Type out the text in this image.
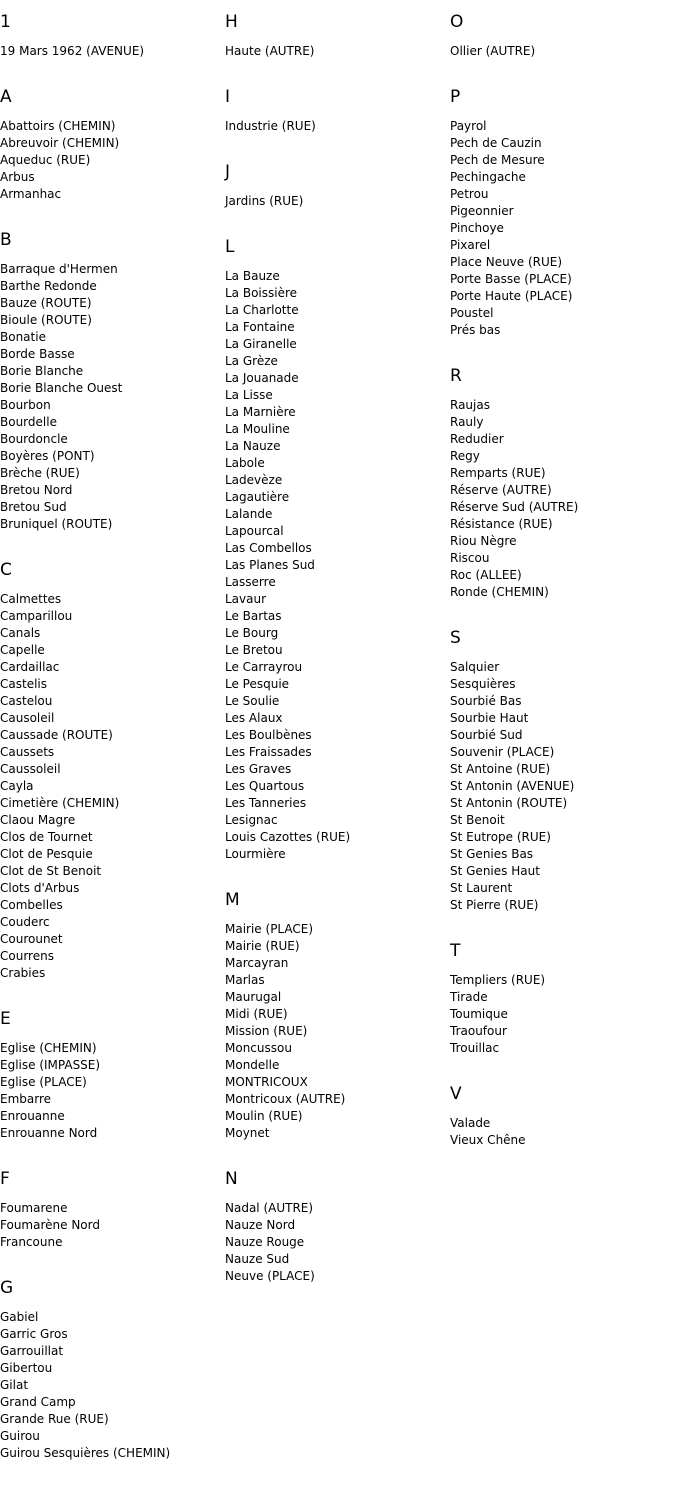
1
19 Mars 1962 (AVENUE)
A
Abattoirs (CHEMIN)
Abreuvoir (CHEMIN)
Aqueduc (RUE)
Arbus
Armanhac
B
Barraque d'Hermen
Barthe Redonde
Bauze (ROUTE)
Bioule (ROUTE)
Bonatie
Borde Basse
Borie Blanche
Borie Blanche Ouest
Bourbon
Bourdelle
Bourdoncle
Boyères (PONT)
Brèche (RUE)
Bretou Nord
Bretou Sud
Bruniquel (ROUTE)
C
Calmettes
Camparillou
Canals
Capelle
Cardaillac
Castelis
Castelou
Causoleil
Caussade (ROUTE)
Caussets
Caussoleil
Cayla
Cimetière (CHEMIN)
Claou Magre
Clos de Tournet
Clot de Pesquie
Clot de St Benoit
Clots d'Arbus
Combelles
Couderc
Courounet
Courrens
Crabies
E
Eglise (CHEMIN)
Eglise (IMPASSE)
Eglise (PLACE)
Embarre
Enrouanne
Enrouanne Nord
F
Foumarene
Foumarène Nord
Francoune
G
Gabiel
Garric Gros
Garrouillat
Gibertou
Gilat
Grand Camp
Grande Rue (RUE)
Guirou
Guirou Sesquières (CHEMIN)
H
Haute (AUTRE)
I
Industrie (RUE)
J
Jardins (RUE)
L
La Bauze
La Boissière
La Charlotte
La Fontaine
La Giranelle
La Grèze
La Jouanade
La Lisse
La Marnière
La Mouline
La Nauze
Labole
Ladevèze
Lagautière
Lalande
Lapourcal
Las Combellos
Las Planes Sud
Lasserre
Lavaur
Le Bartas
Le Bourg
Le Bretou
Le Carrayrou
Le Pesquie
Le Soulie
Les Alaux
Les Boulbènes
Les Fraissades
Les Graves
Les Quartous
Les Tanneries
Lesignac
Louis Cazottes (RUE)
Lourmière
M
Mairie (PLACE)
Mairie (RUE)
Marcayran
Marlas
Maurugal
Midi (RUE)
Mission (RUE)
Moncussou
Mondelle
MONTRICOUX
Montricoux (AUTRE)
Moulin (RUE)
Moynet
N
Nadal (AUTRE)
Nauze Nord
Nauze Rouge
Nauze Sud
Neuve (PLACE)
O
Ollier (AUTRE)
P
Payrol
Pech de Cauzin
Pech de Mesure
Pechingache
Petrou
Pigeonnier
Pinchoye
Pixarel
Place Neuve (RUE)
Porte Basse (PLACE)
Porte Haute (PLACE)
Poustel
Prés bas
R
Raujas
Rauly
Redudier
Regy
Remparts (RUE)
Réserve (AUTRE)
Réserve Sud (AUTRE)
Résistance (RUE)
Riou Nègre
Riscou
Roc (ALLEE)
Ronde (CHEMIN)
S
Salquier
Sesquières
Sourbié Bas
Sourbie Haut
Sourbié Sud
Souvenir (PLACE)
St Antoine (RUE)
St Antonin (AVENUE)
St Antonin (ROUTE)
St Benoit
St Eutrope (RUE)
St Genies Bas
St Genies Haut
St Laurent
St Pierre (RUE)
T
Templiers (RUE)
Tirade
Toumique
Traoufour
Trouillac
V
Valade
Vieux Chêne
